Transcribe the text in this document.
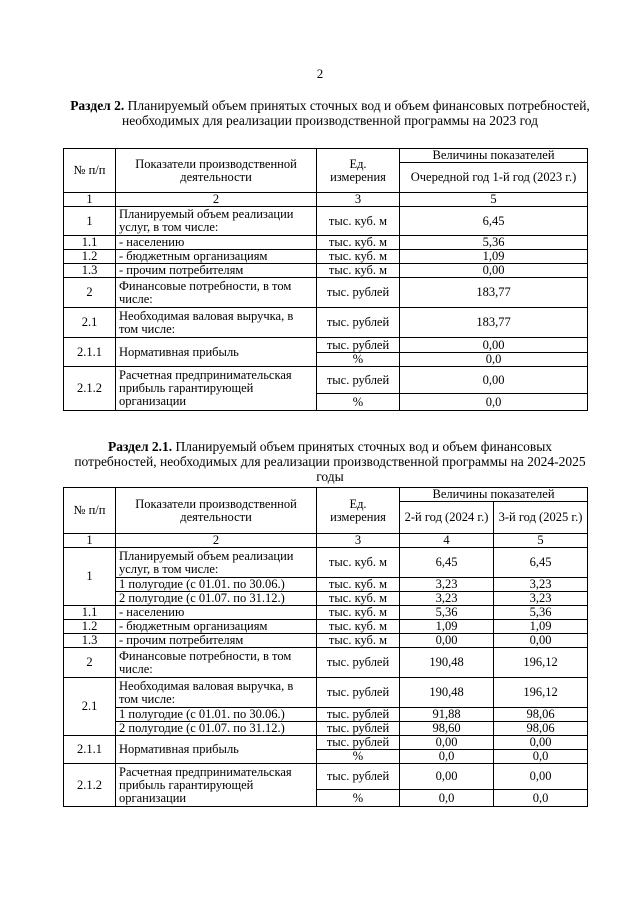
2
Раздел 2. Планируемый объем принятых сточных вод и объем финансовых потребностей, необходимых для реализации производственной программы на 2023 год
№ п/п	Показатели производственной деятельности	Ед. измерения	Величины показателей
			Очередной год 1-й год (2023 г.)
1	2	3	5
1	Планируемый объем реализации услуг, в том числе:	тыс. куб. м	6,45
1.1	- населению	тыс. куб. м	5,36
1.2	- бюджетным организациям	тыс. куб. м	1,09
1.3	- прочим потребителям	тыс. куб. м	0,00
2	Финансовые потребности, в том числе:	тыс. рублей	183,77
2.1	Необходимая валовая выручка, в том числе:	тыс. рублей	183,77
2.1.1	Нормативная прибыль	тыс. рублей	0,00
		%	0,0
2.1.2	Расчетная предпринимательская прибыль гарантирующей организации	тыс. рублей	0,00
		%	0,0
Раздел 2.1. Планируемый объем принятых сточных вод и объем финансовых потребностей, необходимых для реализации производственной программы на 2024-2025 годы
№ п/п	Показатели производственной деятельности	Ед. измерения	Величины показателей	
			2-й год (2024 г.)	3-й год (2025 г.)
1	2	3	4	5
1	Планируемый объем реализации услуг, в том числе:	тыс. куб. м	6,45	6,45
	1 полугодие (с 01.01. по 30.06.)	тыс. куб. м	3,23	3,23
	2 полугодие (с 01.07. по 31.12.)	тыс. куб. м	3,23	3,23
1.1	- населению	тыс. куб. м	5,36	5,36
1.2	- бюджетным организациям	тыс. куб. м	1,09	1,09
1.3	- прочим потребителям	тыс. куб. м	0,00	0,00
2	Финансовые потребности, в том числе:	тыс. рублей	190,48	196,12
2.1	Необходимая валовая выручка, в том числе:	тыс. рублей	190,48	196,12
	1 полугодие (с 01.01. по 30.06.)	тыс. рублей	91,88	98,06
	2 полугодие (с 01.07. по 31.12.)	тыс. рублей	98,60	98,06
2.1.1	Нормативная прибыль	тыс. рублей	0,00	0,00
		%	0,0	0,0
2.1.2	Расчетная предпринимательская прибыль гарантирующей организации	тыс. рублей	0,00	0,00
		%	0,0	0,0
